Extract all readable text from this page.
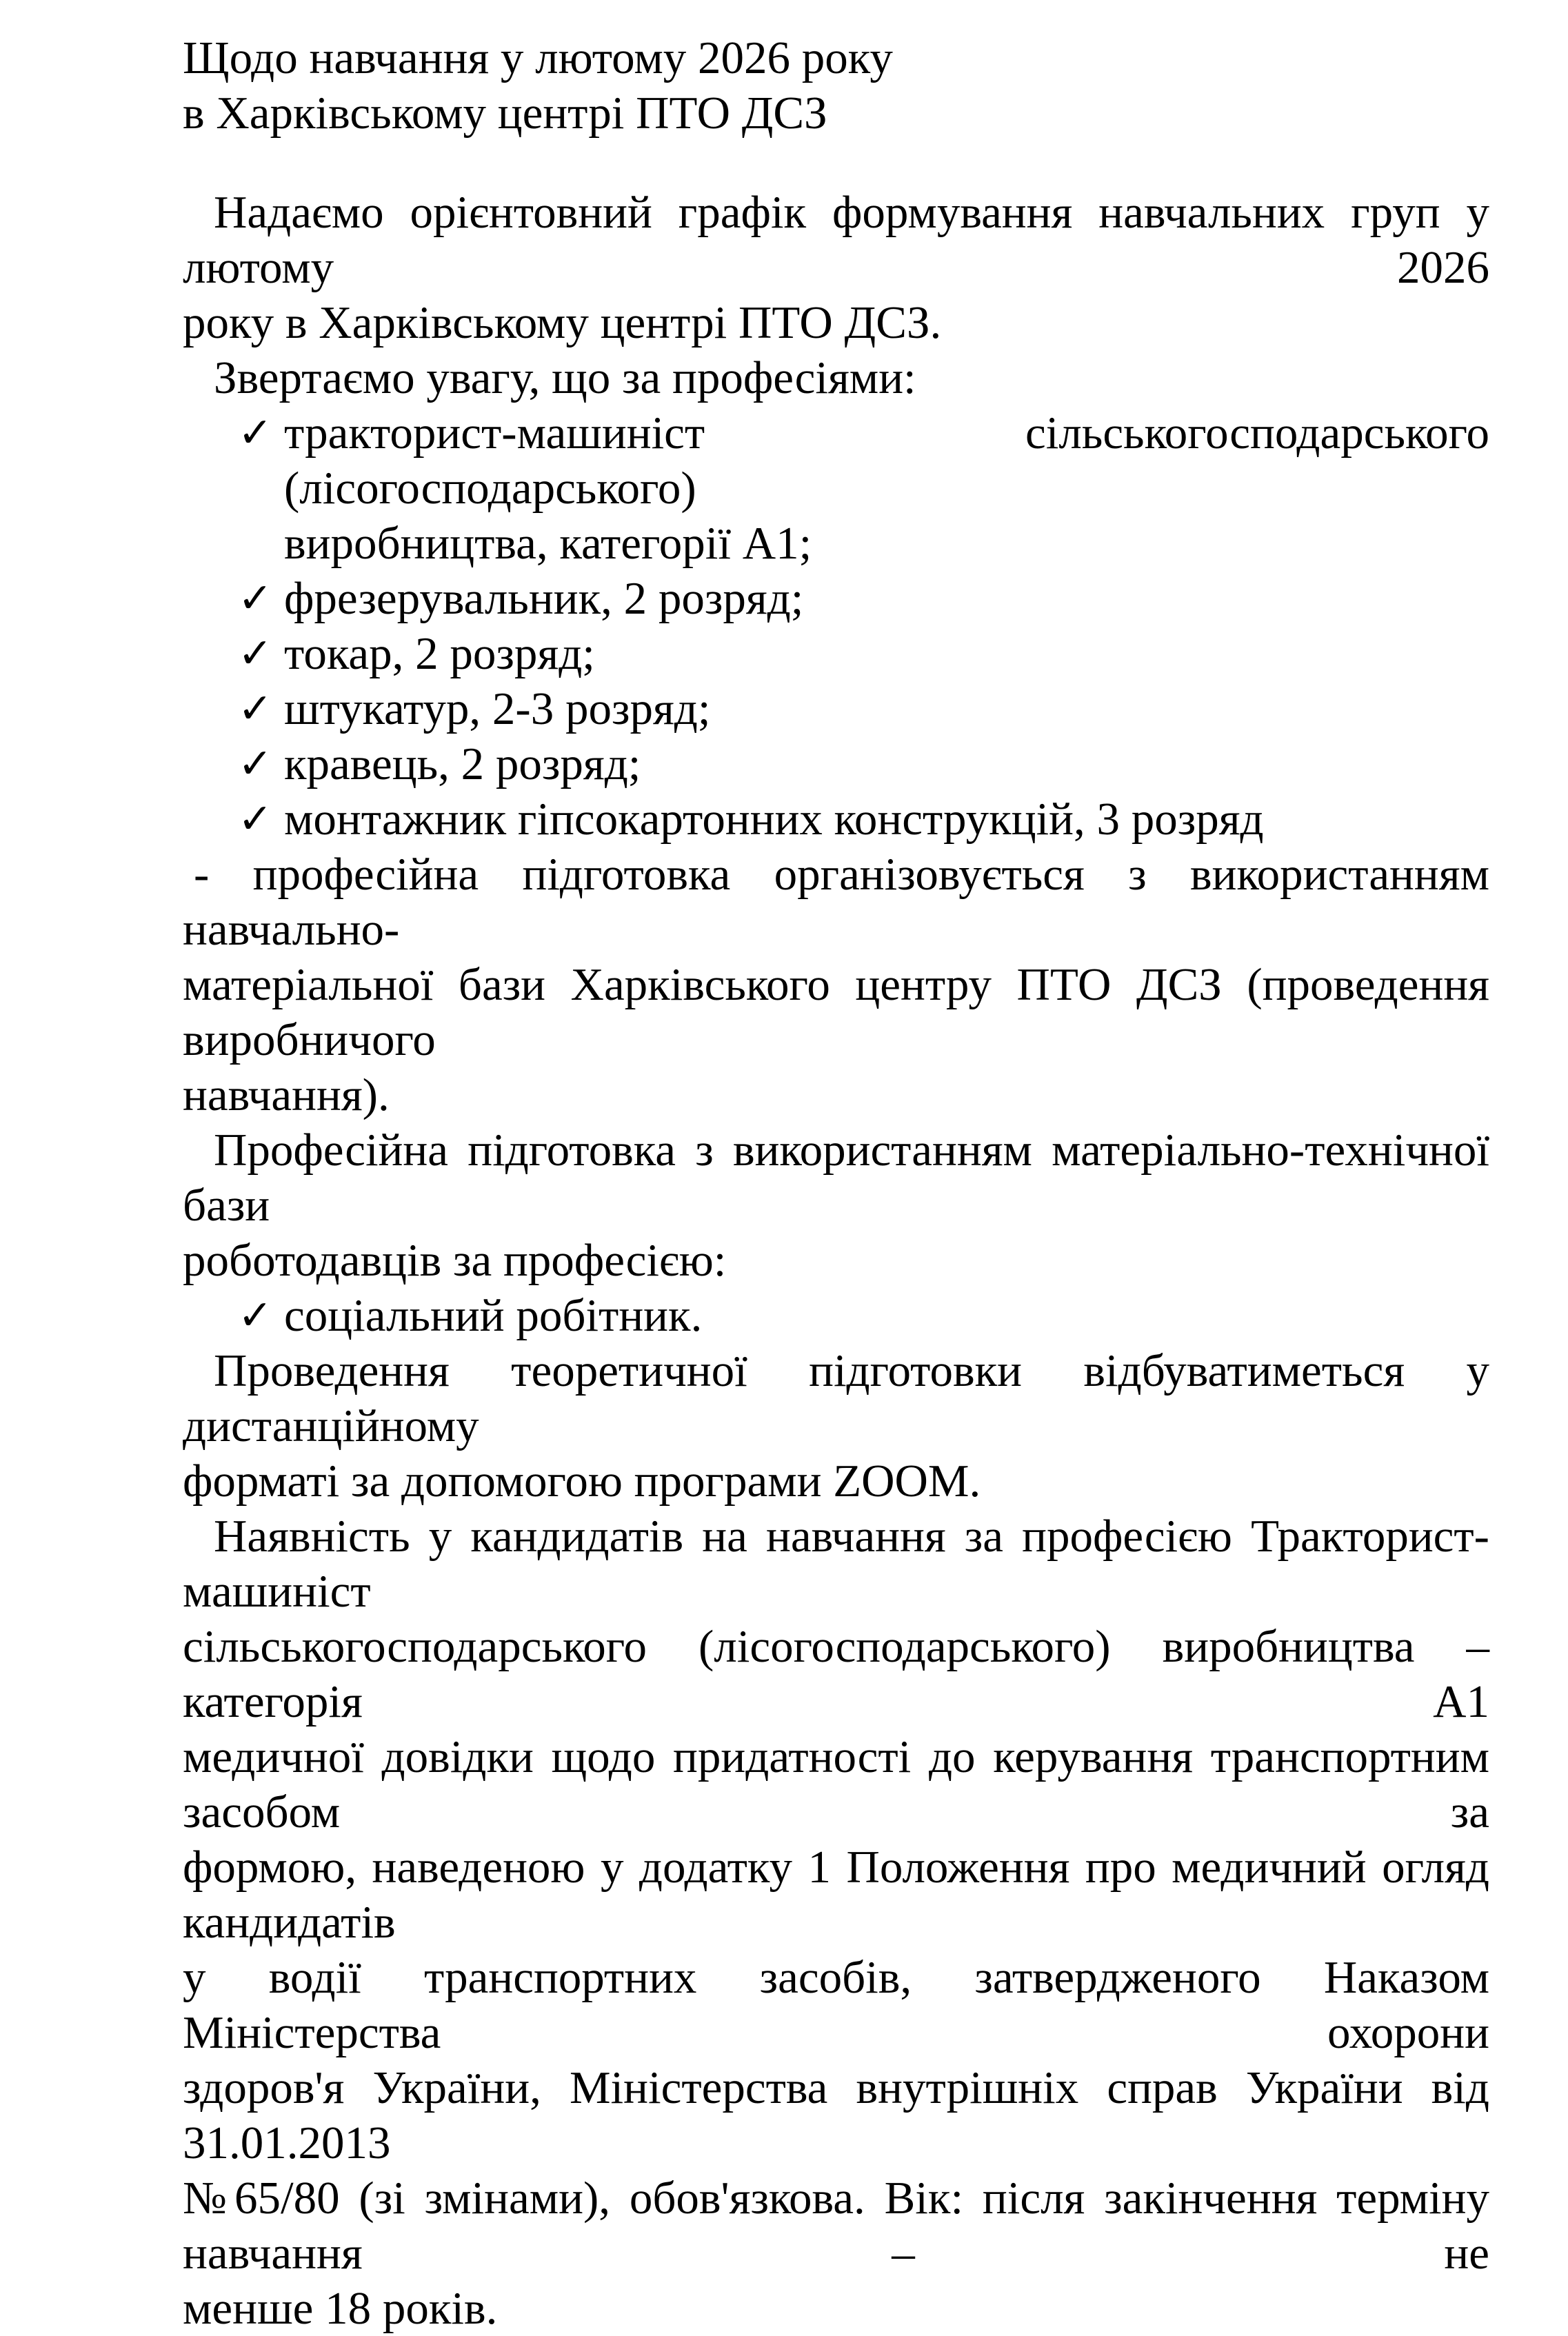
Щодо навчання у лютому 2026 року
в Харківському центрі ПТО ДСЗ
Надаємо орієнтовний графік формування навчальних груп у лютому 2026
року в Харківському центрі ПТО ДСЗ.
Звертаємо увагу, що за професіями:
✓ тракторист-машиніст сільськогосподарського (лісогосподарського)
виробництва, категорії А1;
✓ фрезерувальник, 2 розряд;
✓ токар, 2 розряд;
✓ штукатур, 2-3 розряд;
✓ кравець, 2 розряд;
✓ монтажник гіпсокартонних конструкцій, 3 розряд
- професійна підготовка організовується з використанням навчально-
матеріальної бази Харківського центру ПТО ДСЗ (проведення виробничого
навчання).
Професійна підготовка з використанням матеріально-технічної бази
роботодавців за професією:
✓ соціальний робітник.
Проведення теоретичної підготовки відбуватиметься у дистанційному
форматі за допомогою програми ZOOM.
Наявність у кандидатів на навчання за професією Тракторист-машиніст
сільськогосподарського (лісогосподарського) виробництва – категорія А1
медичної довідки щодо придатності до керування транспортним засобом за
формою, наведеною у додатку 1 Положення про медичний огляд кандидатів
у водії транспортних засобів, затвердженого Наказом Міністерства охорони
здоров'я України, Міністерства внутрішніх справ України від 31.01.2013
№65/80 (зі змінами), обов'язкова. Вік: після закінчення терміну навчання – не
менше 18 років.
